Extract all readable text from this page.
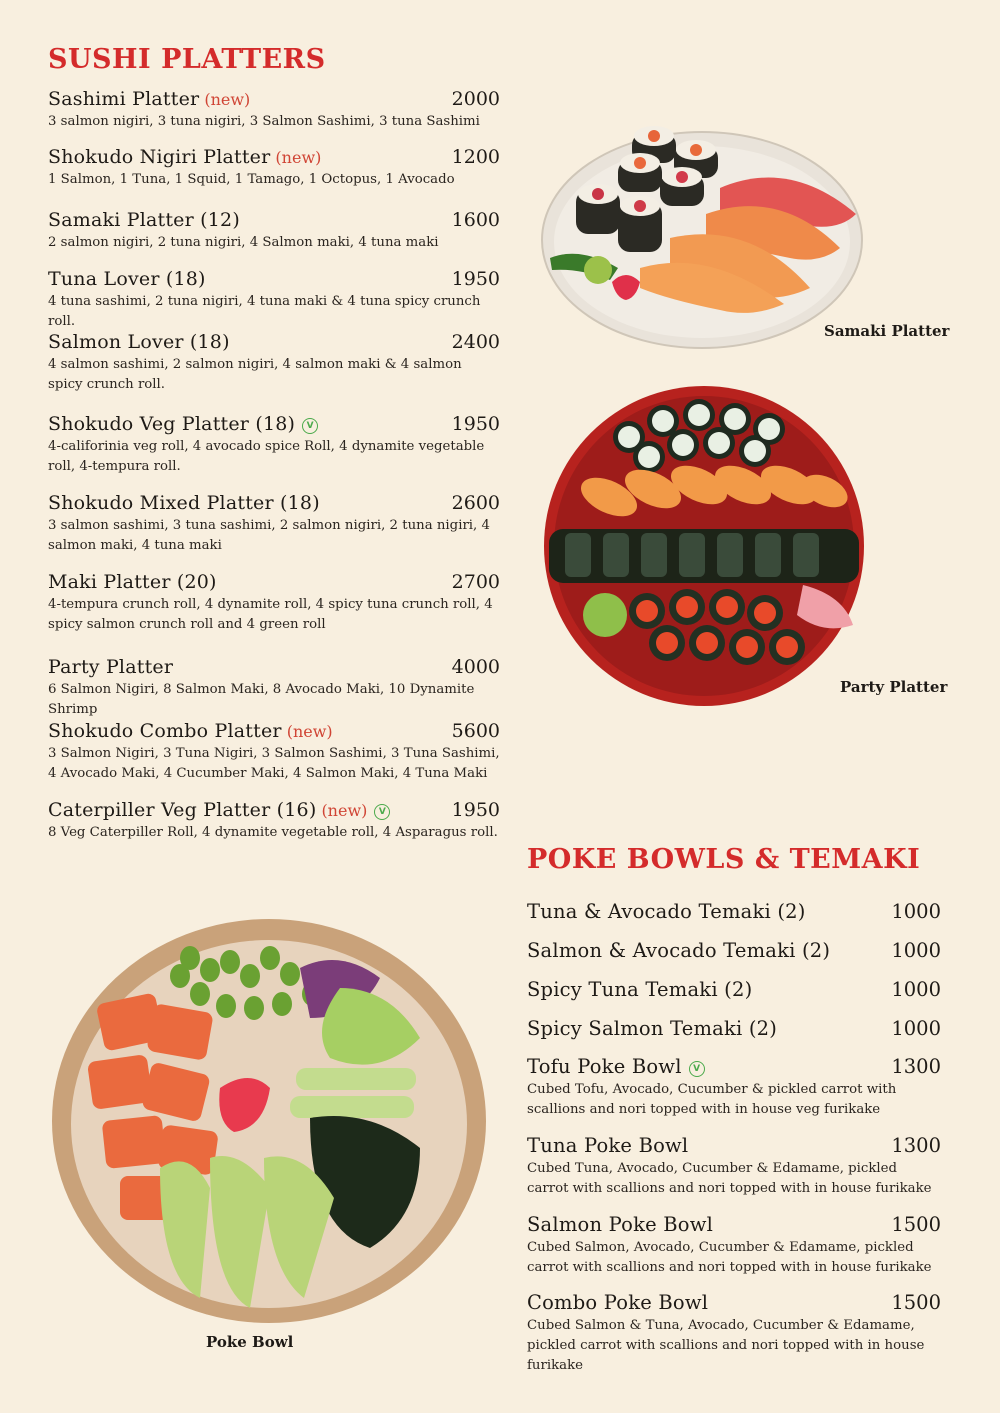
SUSHI PLATTERS
Sashimi Platter (new)	2000
3 salmon nigiri, 3 tuna nigiri, 3 Salmon Sashimi, 3 tuna Sashimi
Shokudo Nigiri Platter (new)	1200
1 Salmon, 1 Tuna, 1 Squid, 1 Tamago, 1 Octopus, 1 Avocado
Samaki Platter (12)	1600
2 salmon nigiri, 2 tuna nigiri, 4 Salmon maki, 4 tuna maki
Tuna Lover (18)	1950
4 tuna sashimi, 2 tuna nigiri, 4 tuna maki & 4 tuna spicy crunch roll.
Salmon Lover (18)	2400
4 salmon sashimi, 2 salmon nigiri, 4 salmon maki & 4 salmon spicy crunch roll.
Shokudo Veg Platter (18) V	1950
4-califorinia veg roll, 4 avocado spice Roll, 4 dynamite vegetable roll, 4-tempura roll.
Shokudo Mixed Platter (18)	2600
3 salmon sashimi, 3 tuna sashimi, 2 salmon nigiri, 2 tuna nigiri, 4 salmon maki, 4 tuna maki
Maki Platter (20)	2700
4-tempura crunch roll, 4 dynamite roll, 4 spicy tuna crunch roll, 4 spicy salmon crunch roll and 4 green roll
Party Platter	4000
6 Salmon Nigiri, 8 Salmon Maki, 8 Avocado Maki, 10 Dynamite Shrimp
Shokudo Combo Platter (new)	5600
3 Salmon Nigiri, 3 Tuna Nigiri, 3 Salmon Sashimi, 3 Tuna Sashimi, 4 Avocado Maki, 4 Cucumber Maki, 4 Salmon Maki, 4 Tuna Maki
Caterpiller Veg Platter (16) (new) V	1950
8 Veg Caterpiller Roll, 4 dynamite vegetable roll, 4 Asparagus roll.
POKE BOWLS & TEMAKI
Tuna & Avocado Temaki (2)	1000
Salmon & Avocado Temaki (2)	1000
Spicy Tuna Temaki (2)	1000
Spicy Salmon Temaki (2)	1000
Tofu Poke Bowl V	1300
Cubed Tofu, Avocado, Cucumber & pickled carrot with scallions and nori topped with in house veg furikake
Tuna Poke Bowl	1300
Cubed Tuna, Avocado, Cucumber & Edamame, pickled carrot with scallions and nori topped with in house furikake
Salmon Poke Bowl	1500
Cubed Salmon, Avocado, Cucumber & Edamame, pickled carrot with scallions and nori topped with in house furikake
Combo Poke Bowl	1500
Cubed Salmon & Tuna, Avocado, Cucumber & Edamame, pickled carrot with scallions and nori topped with in house furikake
Samaki Platter
Party Platter
Poke Bowl
